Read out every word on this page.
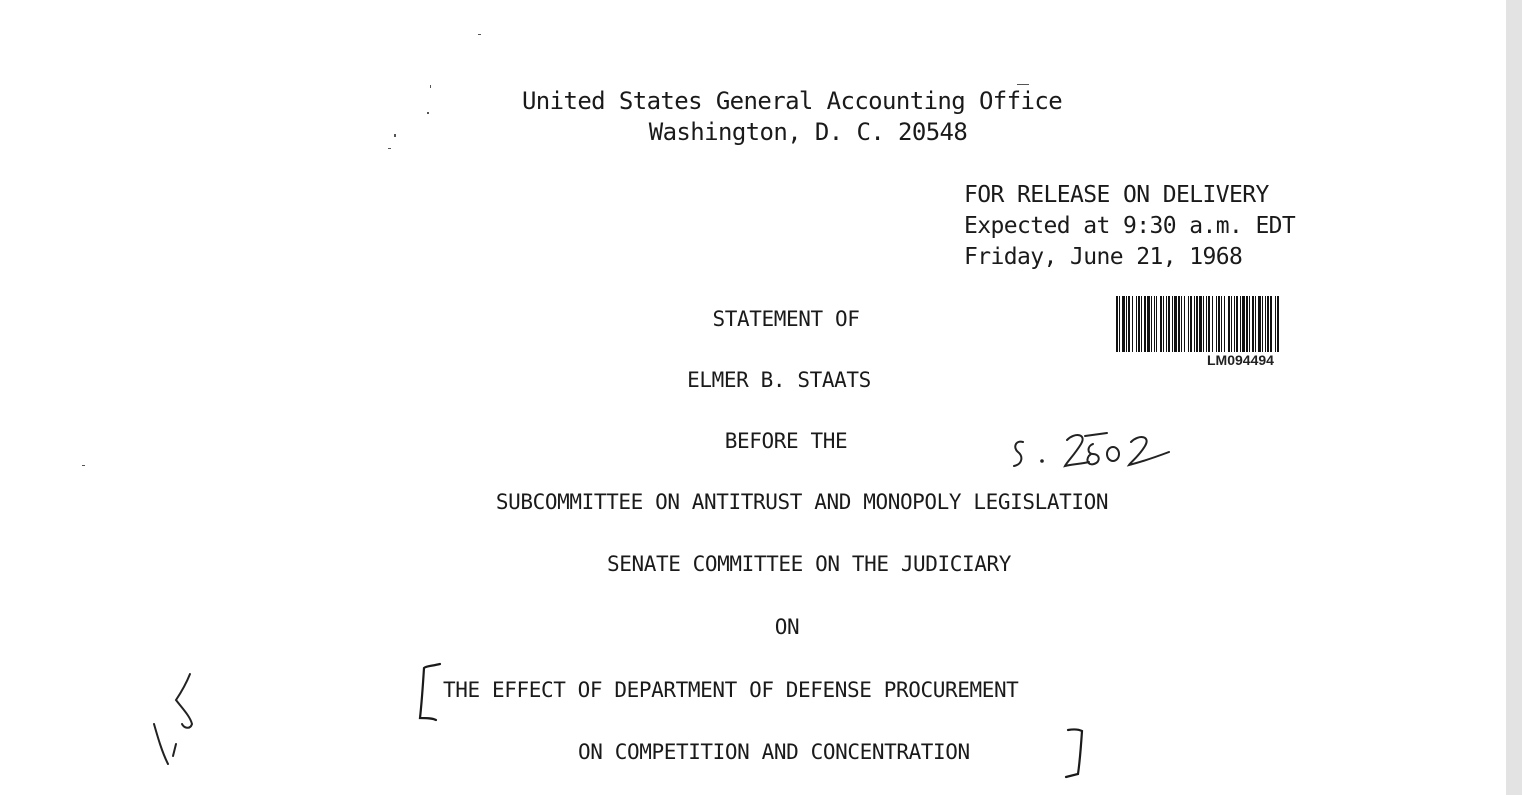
United States General Accounting Office
Washington, D. C. 20548
FOR RELEASE ON DELIVERY
Expected at 9:30 a.m. EDT
Friday, June 21, 1968
LM094494
STATEMENT OF
ELMER B. STAATS
BEFORE THE
SUBCOMMITTEE ON ANTITRUST AND MONOPOLY LEGISLATION
SENATE COMMITTEE ON THE JUDICIARY
ON
THE EFFECT OF DEPARTMENT OF DEFENSE PROCUREMENT
ON COMPETITION AND CONCENTRATION
